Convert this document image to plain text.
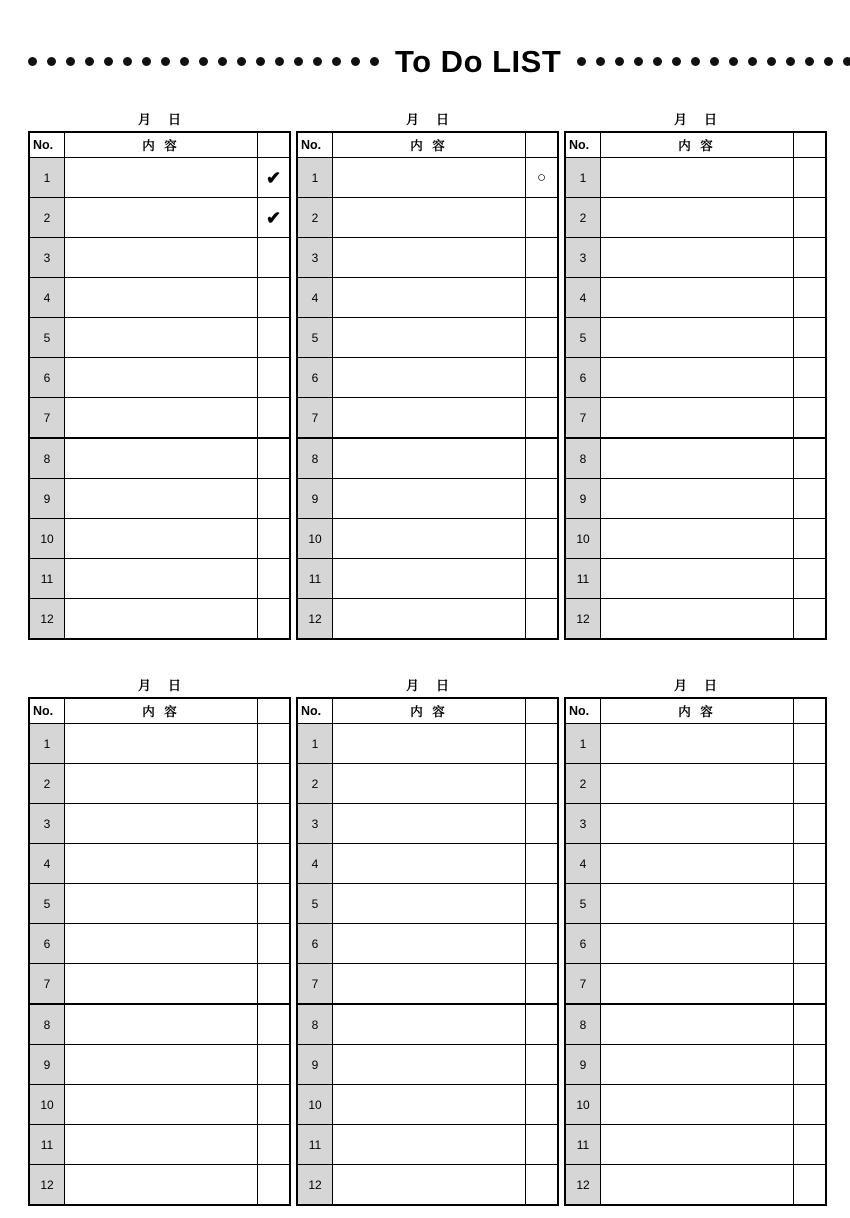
To Do LIST
月 日
No.	内 容	
1		✔
2		✔
3		
4		
5		
6		
7		
8		
9		
10		
11		
12		
月 日
No.	内 容	
1		○
2		
3		
4		
5		
6		
7		
8		
9		
10		
11		
12		
月 日
No.	内 容	
1		
2		
3		
4		
5		
6		
7		
8		
9		
10		
11		
12		
月 日
No.	内 容	
1		
2		
3		
4		
5		
6		
7		
8		
9		
10		
11		
12		
月 日
No.	内 容	
1		
2		
3		
4		
5		
6		
7		
8		
9		
10		
11		
12		
月 日
No.	内 容	
1		
2		
3		
4		
5		
6		
7		
8		
9		
10		
11		
12		
